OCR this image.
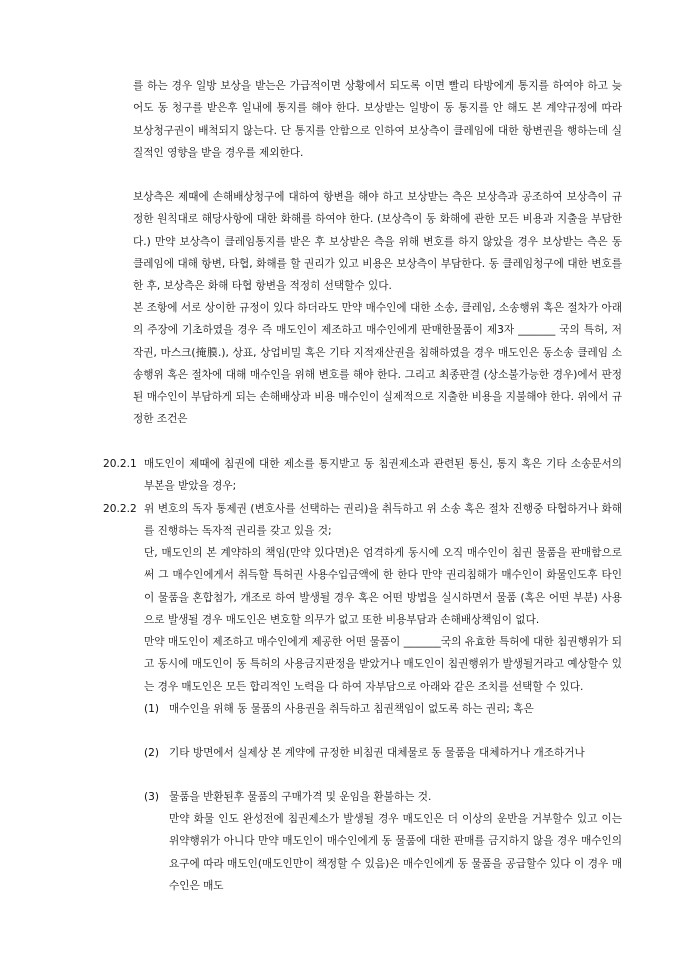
를 하는 경우 일방 보상을 받는은 가급적이면 상황에서 되도록 이면 빨리 타방에게 통지를 하여야 하고 늦어도 동 청구를 받은후 일내에 통지를 해야 한다. 보상받는 일방이 동 통지를 안 해도 본 계약규정에 따라 보상청구권이 배척되지 않는다. 단 통지를 안함으로 인하여 보상측이 클레임에 대한 항변권을 행하는데 실질적인 영향을 받을 경우를 제외한다.

보상측은 제때에 손해배상청구에 대하여 항변을 해야 하고 보상받는 측은 보상측과 공조하여 보상측이 규정한 원칙대로 해당사항에 대한 화해를 하여야 한다. (보상측이 동 화해에 관한 모든 비용과 지출을 부담한다.) 만약 보상측이 클레임통지를 받은 후 보상받은 측을 위해 변호를 하지 않았을 경우 보상받는 측은 동 클레임에 대해 항변, 타협, 화해를 할 권리가 있고 비용은 보상측이 부담한다. 동 클레임청구에 대한 변호를 한 후, 보상측은 화해 타협 항변을 적정히 선택할수 있다.

본 조항에 서로 상이한 규정이 있다 하더라도 만약 매수인에 대한 소송, 클레임, 소송행위 혹은 절차가 아래의 주장에 기초하였을 경우 즉 매도인이 제조하고 매수인에게 판매한물품이 제3자 _______ 국의 특허, 저작권, 마스크(掩膜.), 상표, 상업비밀 혹은 기타 지적재산권을 침해하였을 경우 매도인은 동소송 클레임 소송행위 혹은 절차에 대해 매수인을 위해 변호를 해야 한다. 그리고 최종판결 (상소불가능한 경우)에서 판정된 매수인이 부담하게 되는 손해배상과 비용 매수인이 실제적으로 지출한 비용을 지불해야 한다. 위에서 규정한 조건은

20.2.1 매도인이 제때에 침권에 대한 제소를 통지받고 동 침권제소과 관련된 통신, 통지 혹은 기타 소송문서의 부본을 받았을 경우;

20.2.2 위 변호의 독자 통제권 (변호사를 선택하는 권리)을 취득하고 위 소송 혹은 절차 진행중 타협하거나 화해를 진행하는 독자적 권리를 갖고 있을 것;

단, 매도인의 본 계약하의 책임(만약 있다면)은 엄격하게 동시에 오직 매수인이 침권 물품을 판매함으로써 그 매수인에게서 취득할 특허권 사용수입금액에 한 한다 만약 권리침해가 매수인이 화물인도후 타인이 물품을 혼합첨가, 개조로 하여 발생될 경우 혹은 어떤 방법을 실시하면서 물품 (혹은 어떤 부분) 사용으로 발생될 경우 매도인은 변호할 의무가 없고 또한 비용부담과 손해배상책임이 없다.

만약 매도인이 제조하고 매수인에게 제공한 어떤 물품이 _______국의 유효한 특허에 대한 침권행위가 되고 동시에 매도인이 동 특허의 사용금지판정을 받았거나 매도인이 침권행위가 발생될거라고 예상할수 있는 경우 매도인은 모든 합리적인 노력을 다 하여 자부담으로 아래와 같은 조치를 선택할 수 있다.

(1) 매수인을 위해 동 물품의 사용권을 취득하고 침권책임이 없도록 하는 권리; 혹은

(2) 기타 방면에서 실제상 본 계약에 규정한 비침권 대체물로 동 물품을 대체하거나 개조하거나

(3) 물품을 반환된후 물품의 구매가격 및 운임을 환불하는 것.

만약 화물 인도 완성전에 침권제소가 발생될 경우 매도인은 더 이상의 운반을 거부할수 있고 이는 위약행위가 아니다 만약 매도인이 매수인에게 동 물품에 대한 판매를 금지하지 않을 경우 매수인의 요구에 따라 매도인(매도인만이 책정할 수 있음)은 매수인에게 동 물품을 공급할수 있다 이 경우 매수인은 매도
